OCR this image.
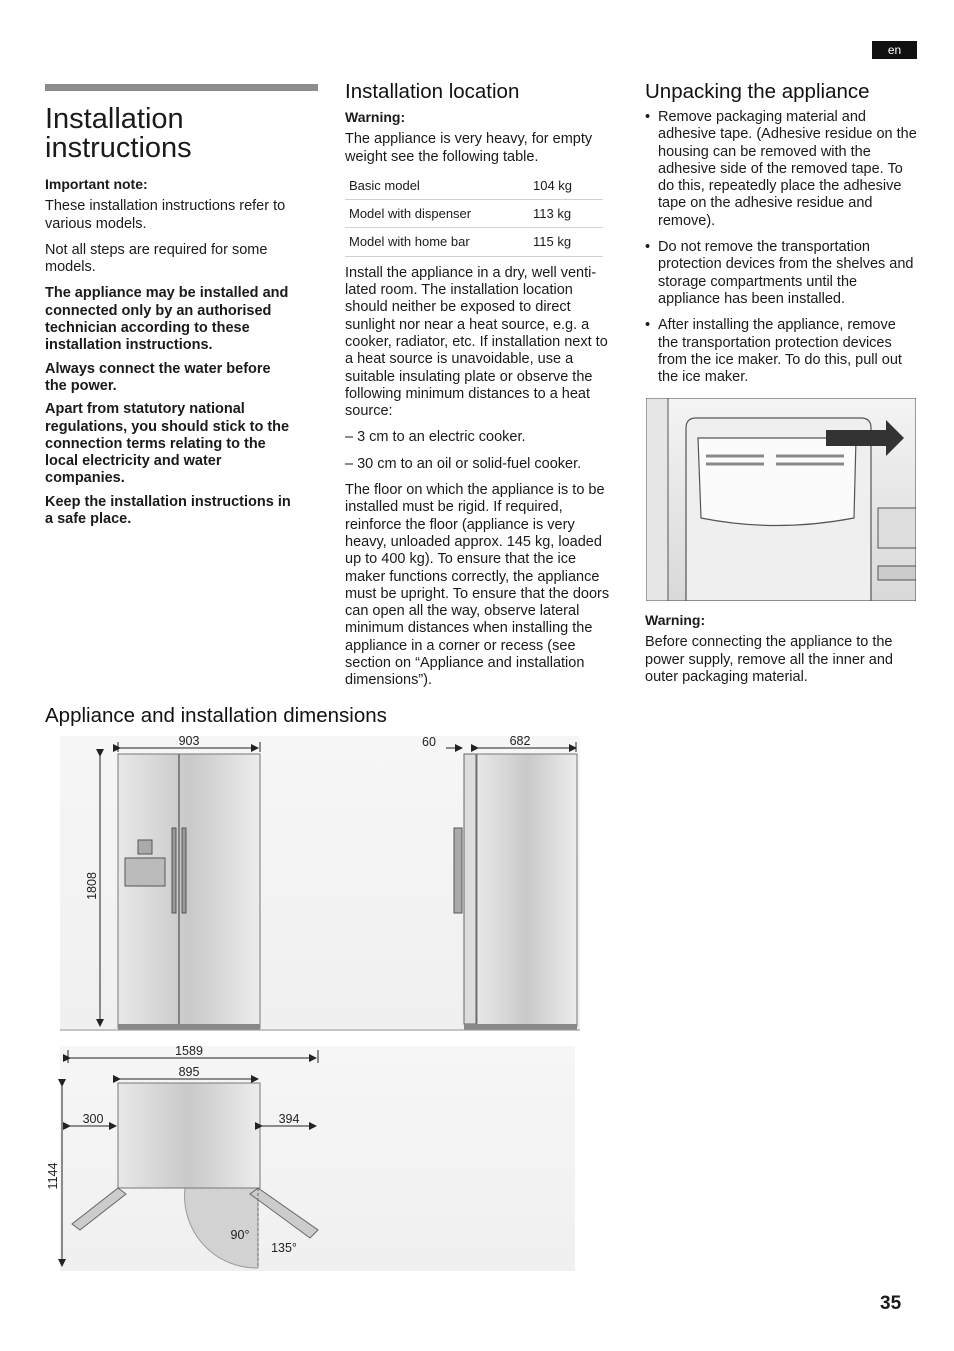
en
Installation instructions

Important note:

These installation instructions refer to various models.

Not all steps are required for some models.

The appliance may be installed and connected only by an authorised technician according to these installation instructions.

Always connect the water before the power.

Apart from statutory national regulations, you should stick to the connection terms relating to the local electricity and water companies.

Keep the installation instructions in a safe place.

Installation location

Warning:

The appliance is very heavy, for empty weight see the following table.

Basic model	104 kg
Model with dispenser	113 kg
Model with home bar	115 kg

Install the appliance in a dry, well venti-lated room. The installation location should neither be exposed to direct sunlight nor near a heat source, e.g. a cooker, radiator, etc. If installation next to a heat source is unavoidable, use a suitable insulating plate or observe the following minimum distances to a heat source:

– 3 cm to an electric cooker.

– 30 cm to an oil or solid-fuel cooker.

The floor on which the appliance is to be installed must be rigid. If required, reinforce the floor (appliance is very heavy, unloaded approx. 145 kg, loaded up to 400 kg). To ensure that the ice maker functions correctly, the appliance must be upright. To ensure that the doors can open all the way, observe lateral minimum distances when installing the appliance in a corner or recess (see section on “Appliance and installation dimensions”).

Unpacking the appliance
• Remove packaging material and adhesive tape. (Adhesive residue on the housing can be removed with the adhesive side of the removed tape. To do this, repeatedly place the adhesive tape on the adhesive residue and remove).
• Do not remove the transportation protection devices from the shelves and storage compartments until the appliance has been installed.
• After installing the appliance, remove the transportation protection devices from the ice maker. To do this, pull out the ice maker.

Warning:

Before connecting the appliance to the power supply, remove all the inner and outer packaging material.

Appliance and installation dimensions
903
1808
60	682
1589
895
300	394
1144
90°
135°
35
